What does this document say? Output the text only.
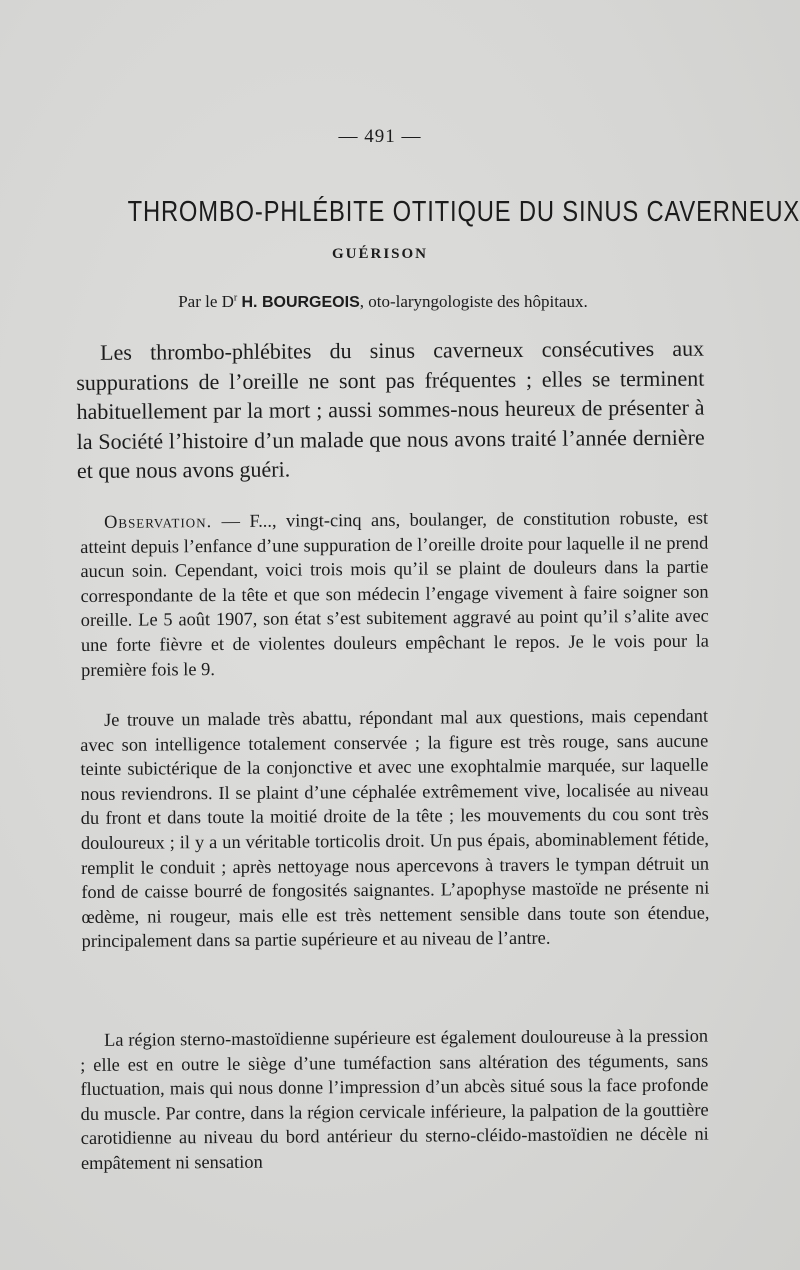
— 491 —
THROMBO-PHLÉBITE OTITIQUE DU SINUS CAVERNEUX
GUÉRISON
Par le $D^r$ H. BOURGEOIS, oto-laryngologiste des hôpitaux.

Les thrombo-phlébites du sinus caverneux consécutives aux suppurations de l’oreille ne sont pas fréquentes ; elles se terminent habituellement par la mort ; aussi sommes-nous heureux de présenter à la Société l’histoire d’un malade que nous avons traité l’année dernière et que nous avons guéri.

Observation. — F..., vingt-cinq ans, boulanger, de constitution robuste, est atteint depuis l’enfance d’une suppuration de l’oreille droite pour laquelle il ne prend aucun soin. Cependant, voici trois mois qu’il se plaint de douleurs dans la partie correspondante de la tête et que son médecin l’engage vivement à faire soigner son oreille. Le 5 août 1907, son état s’est subitement aggravé au point qu’il s’alite avec une forte fièvre et de violentes douleurs empêchant le repos. Je le vois pour la première fois le 9.

Je trouve un malade très abattu, répondant mal aux questions, mais cependant avec son intelligence totalement conservée ; la figure est très rouge, sans aucune teinte subictérique de la conjonctive et avec une exophtalmie marquée, sur laquelle nous reviendrons. Il se plaint d’une céphalée extrêmement vive, localisée au niveau du front et dans toute la moitié droite de la tête ; les mouvements du cou sont très douloureux ; il y a un véritable torticolis droit. Un pus épais, abominablement fétide, remplit le conduit ; après nettoyage nous apercevons à travers le tympan détruit un fond de caisse bourré de fongosités saignantes. L’apophyse mastoïde ne présente ni œdème, ni rougeur, mais elle est très nettement sensible dans toute son étendue, principalement dans sa partie supérieure et au niveau de l’antre.

La région sterno-mastoïdienne supérieure est également douloureuse à la pression ; elle est en outre le siège d’une tuméfaction sans altération des téguments, sans fluctuation, mais qui nous donne l’impression d’un abcès situé sous la face profonde du muscle. Par contre, dans la région cervicale inférieure, la palpation de la gouttière carotidienne au niveau du bord antérieur du sterno-cléido-mastoïdien ne décèle ni empâtement ni sensation
